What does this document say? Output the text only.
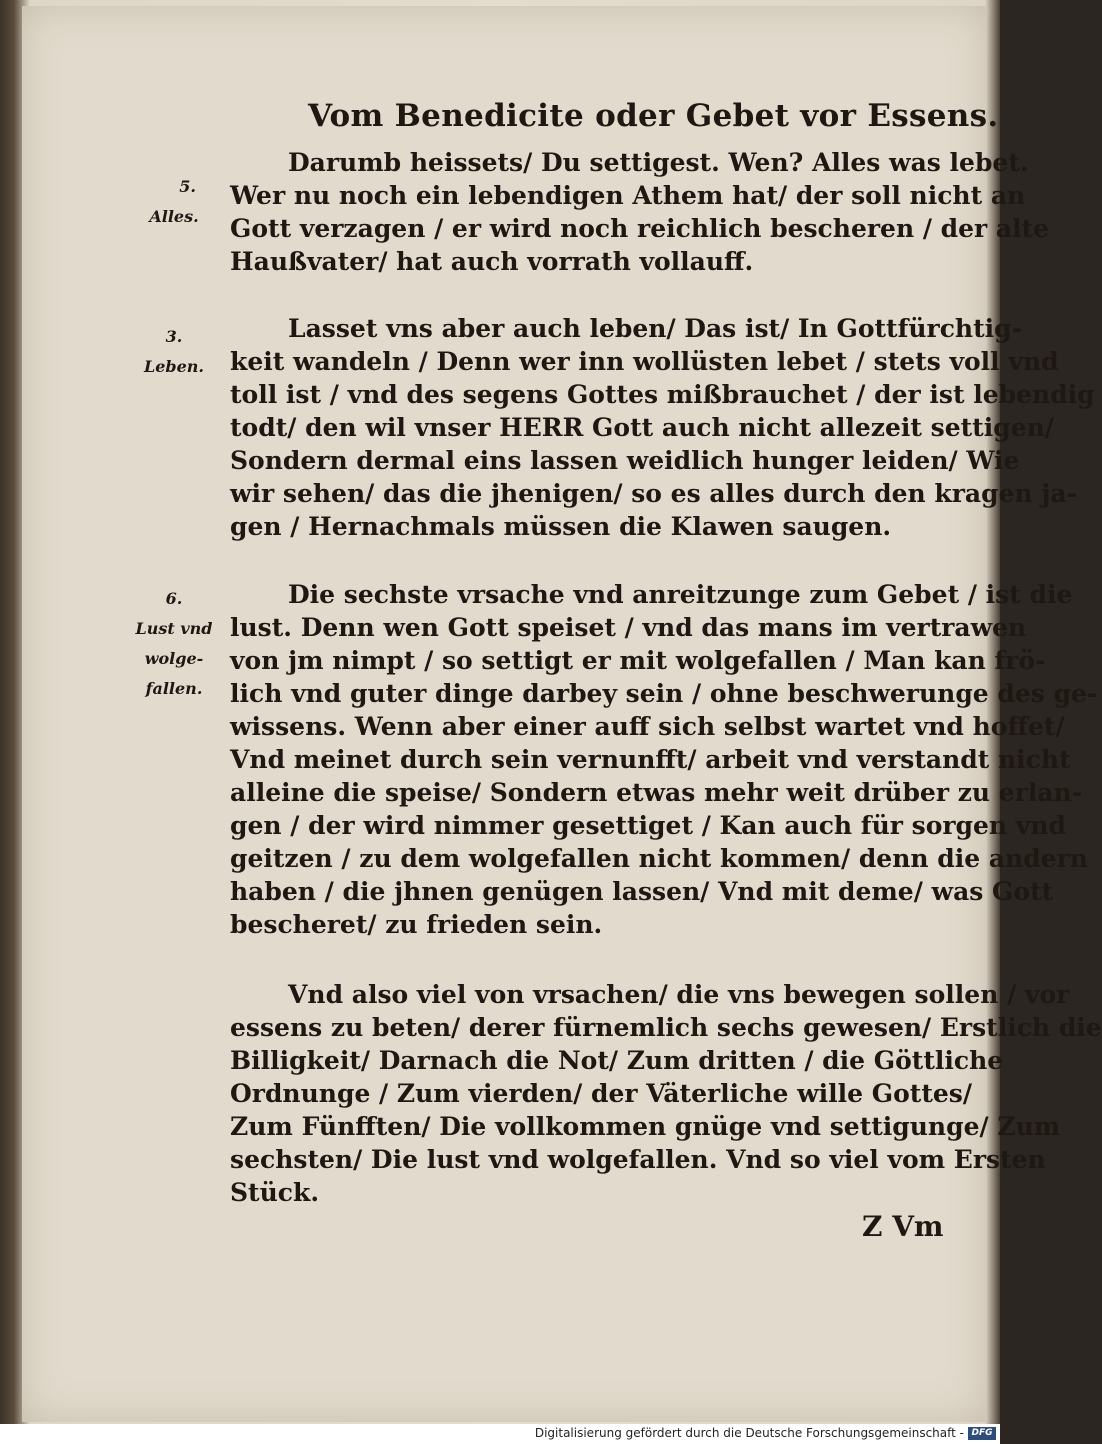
Vom Benedicite oder Gebet vor Essens.
5.
Alles.
3.
Leben.
6.
Lust vnd
wolge-
fallen.
Darumb heissets/ Du settigest. Wen? Alles was lebet.
Wer nu noch ein lebendigen Athem hat/ der soll nicht an
Gott verzagen / er wird noch reichlich bescheren / der alte
Haußvater/ hat auch vorrath vollauff.
Lasset vns aber auch leben/ Das ist/ In Gottfürchtig-
keit wandeln / Denn wer inn wollüsten lebet / stets voll vnd
toll ist / vnd des segens Gottes mißbrauchet / der ist lebendig
todt/ den wil vnser HERR Gott auch nicht allezeit settigen/
Sondern dermal eins lassen weidlich hunger leiden/ Wie
wir sehen/ das die jhenigen/ so es alles durch den kragen ja-
gen / Hernachmals müssen die Klawen saugen.
Die sechste vrsache vnd anreitzunge zum Gebet / ist die
lust. Denn wen Gott speiset / vnd das mans im vertrawen
von jm nimpt / so settigt er mit wolgefallen / Man kan frö-
lich vnd guter dinge darbey sein / ohne beschwerunge des ge-
wissens. Wenn aber einer auff sich selbst wartet vnd hoffet/
Vnd meinet durch sein vernunfft/ arbeit vnd verstandt nicht
alleine die speise/ Sondern etwas mehr weit drüber zu erlan-
gen / der wird nimmer gesettiget / Kan auch für sorgen vnd
geitzen / zu dem wolgefallen nicht kommen/ denn die andern
haben / die jhnen genügen lassen/ Vnd mit deme/ was Gott
bescheret/ zu frieden sein.
Vnd also viel von vrsachen/ die vns bewegen sollen / vor
essens zu beten/ derer fürnemlich sechs gewesen/ Erstlich die
Billigkeit/ Darnach die Not/ Zum dritten / die Göttliche
Ordnunge / Zum vierden/ der Väterliche wille Gottes/
Zum Fünfften/ Die vollkommen gnüge vnd settigunge/ Zum
sechsten/ Die lust vnd wolgefallen. Vnd so viel vom Ersten
Stück.
Z Vm
Digitalisierung gefördert durch die Deutsche Forschungsgemeinschaft - DFG
